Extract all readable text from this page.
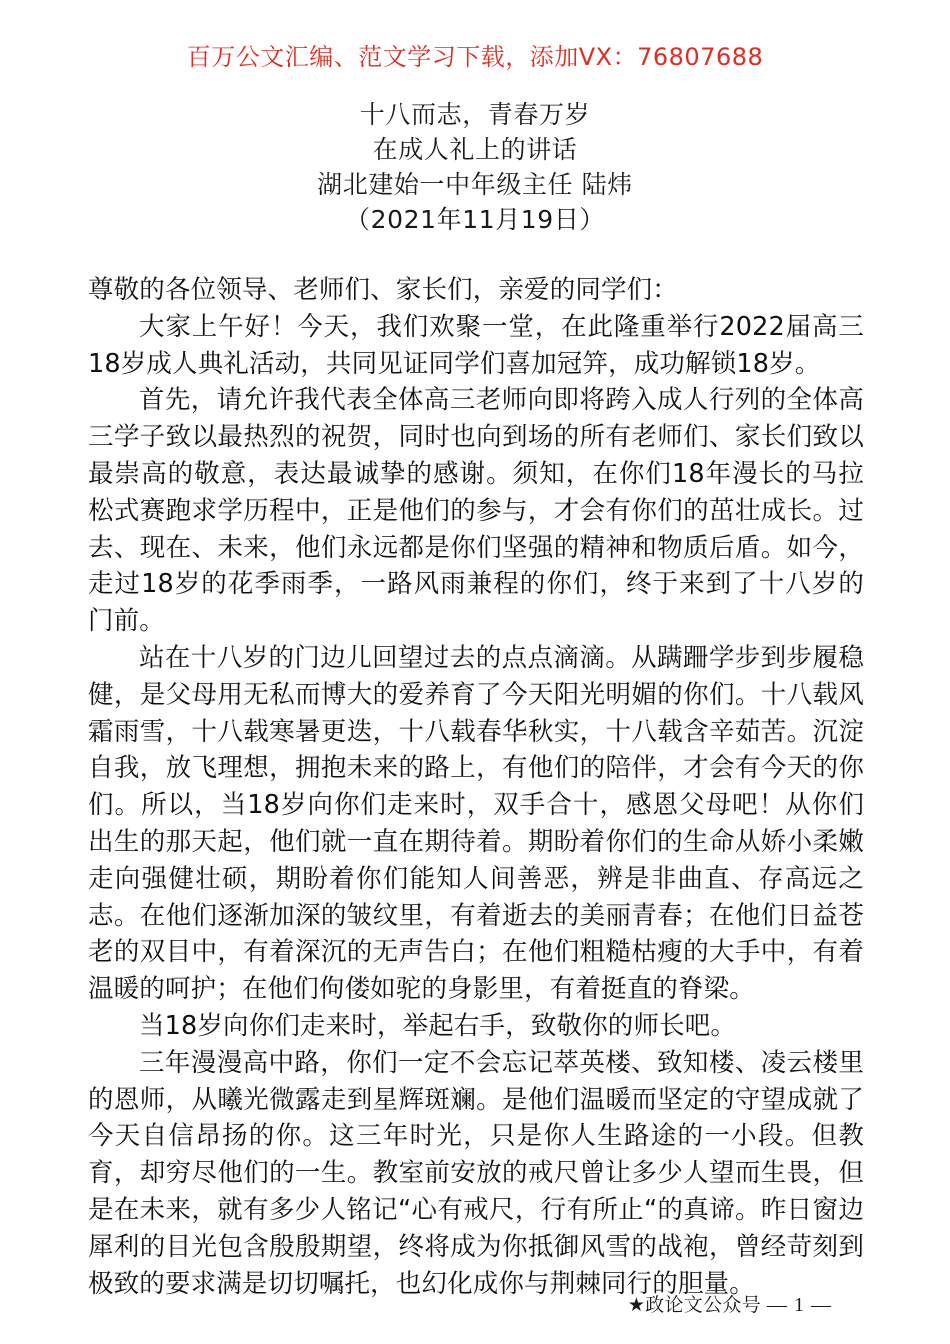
百万公文汇编、范文学习下载，添加VX：76807688
十八而志，青春万岁
在成人礼上的讲话
湖北建始一中年级主任 陆炜
（2021年11月19日）

尊敬的各位领导、老师们、家长们，亲爱的同学们：

大家上午好！今天，我们欢聚一堂，在此隆重举行2022届高三18岁成人典礼活动，共同见证同学们喜加冠笄，成功解锁18岁。

首先，请允许我代表全体高三老师向即将跨入成人行列的全体高三学子致以最热烈的祝贺，同时也向到场的所有老师们、家长们致以最崇高的敬意，表达最诚挚的感谢。须知，在你们18年漫长的马拉松式赛跑求学历程中，正是他们的参与，才会有你们的茁壮成长。过去、现在、未来，他们永远都是你们坚强的精神和物质后盾。如今，走过18岁的花季雨季，一路风雨兼程的你们，终于来到了十八岁的门前。

站在十八岁的门边儿回望过去的点点滴滴。从蹒跚学步到步履稳健，是父母用无私而博大的爱养育了今天阳光明媚的你们。十八载风霜雨雪，十八载寒暑更迭，十八载春华秋实，十八载含辛茹苦。沉淀自我，放飞理想，拥抱未来的路上，有他们的陪伴，才会有今天的你们。所以，当18岁向你们走来时，双手合十，感恩父母吧！从你们出生的那天起，他们就一直在期待着。期盼着你们的生命从娇小柔嫩走向强健壮硕，期盼着你们能知人间善恶，辨是非曲直、存高远之志。在他们逐渐加深的皱纹里，有着逝去的美丽青春；在他们日益苍老的双目中，有着深沉的无声告白；在他们粗糙枯瘦的大手中，有着温暖的呵护；在他们佝偻如驼的身影里，有着挺直的脊梁。

当18岁向你们走来时，举起右手，致敬你的师长吧。

三年漫漫高中路，你们一定不会忘记萃英楼、致知楼、凌云楼里的恩师，从曦光微露走到星辉斑斓。是他们温暖而坚定的守望成就了今天自信昂扬的你。这三年时光，只是你人生路途的一小段。但教育，却穷尽他们的一生。教室前安放的戒尺曾让多少人望而生畏，但是在未来，就有多少人铭记“心有戒尺，行有所止“的真谛。昨日窗边犀利的目光包含殷殷期望，终将成为你抵御风雪的战袍，曾经苛刻到极致的要求满是切切嘱托，也幻化成你与荆棘同行的胆量。

★政论文公众号 — 1 —
